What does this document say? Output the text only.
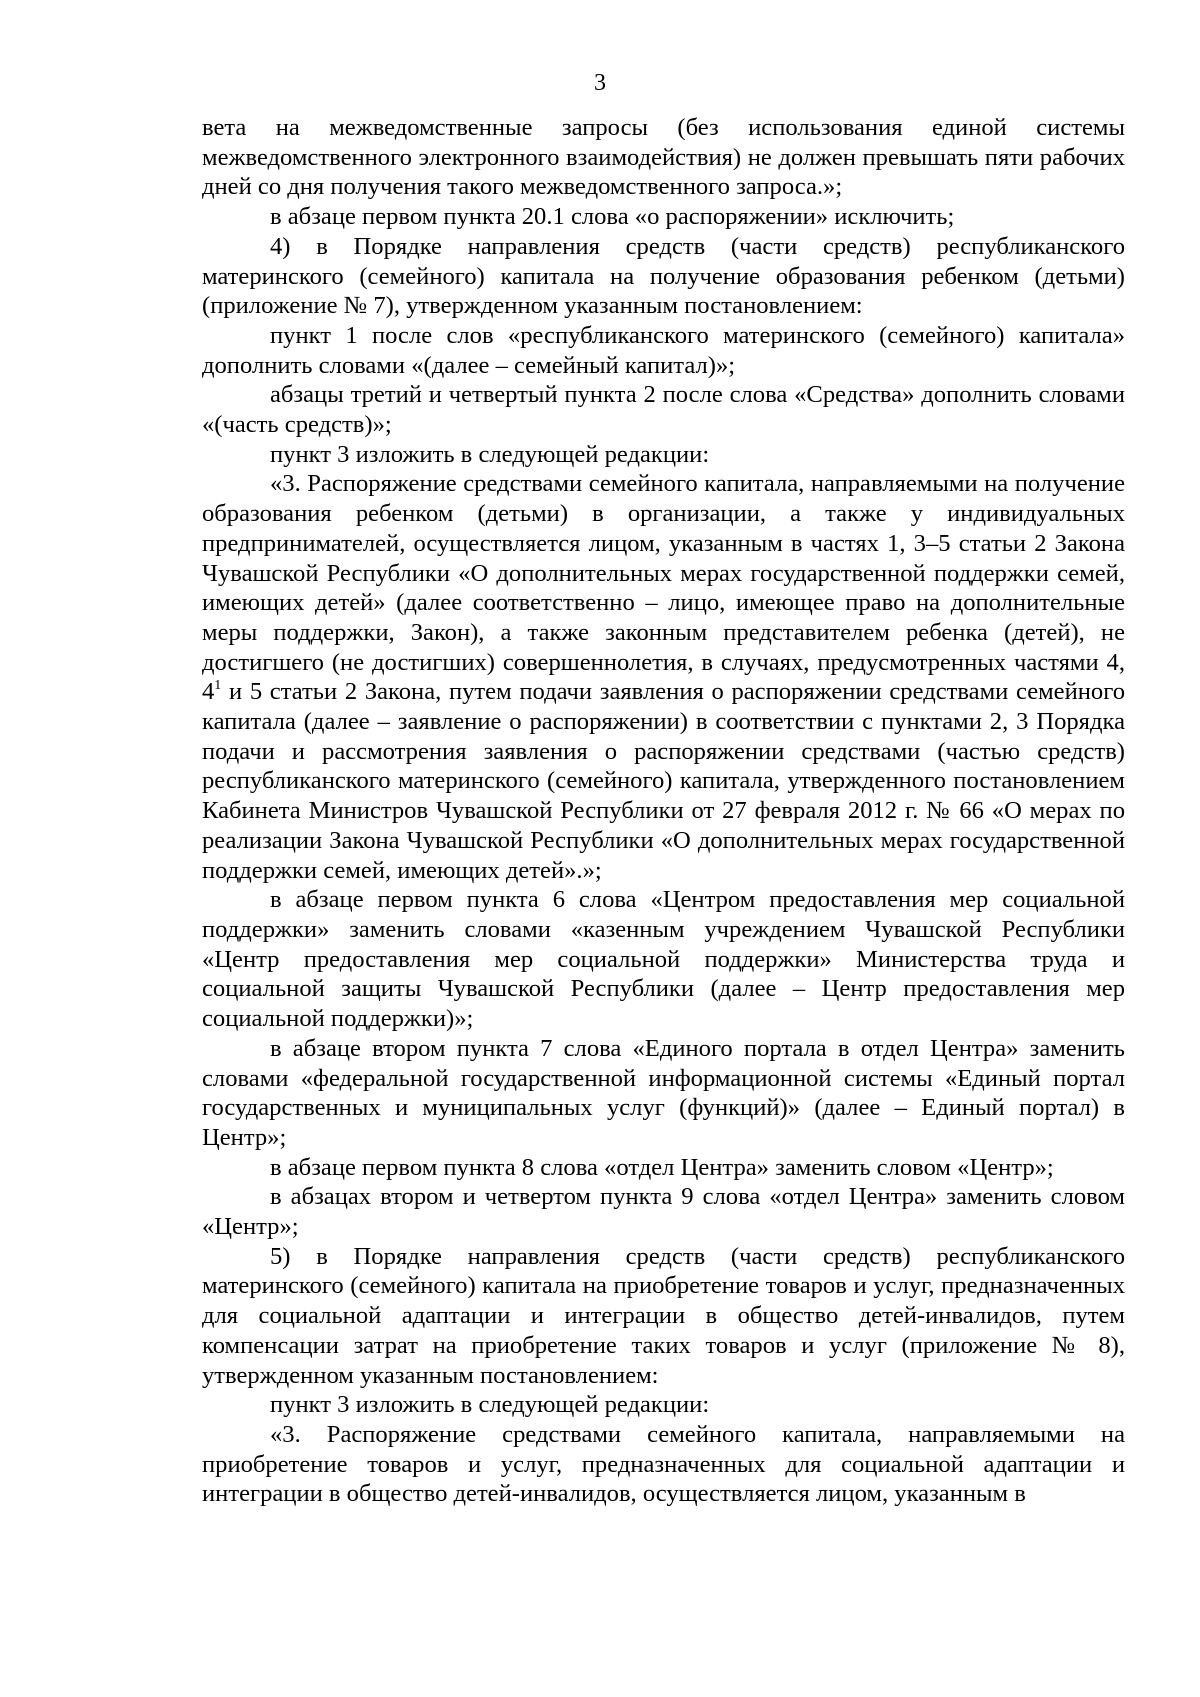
3

вета на межведомственные запросы (без использования единой системы межведомственного электронного взаимодействия) не должен превышать пяти рабочих дней со дня получения такого межведомственного запроса.»;

в абзаце первом пункта 20.1 слова «о распоряжении» исключить;

4) в Порядке направления средств (части средств) республиканского материнского (семейного) капитала на получение образования ребенком (детьми) (приложение № 7), утвержденном указанным постановлением:

пункт 1 после слов «республиканского материнского (семейного) капитала» дополнить словами «(далее – семейный капитал)»;

абзацы третий и четвертый пункта 2 после слова «Средства» дополнить словами «(часть средств)»;

пункт 3 изложить в следующей редакции:

«3. Распоряжение средствами семейного капитала, направляемыми на получение образования ребенком (детьми) в организации, а также у индивидуальных предпринимателей, осуществляется лицом, указанным в частях 1, 3–5 статьи 2 Закона Чувашской Республики «О дополнительных мерах государственной поддержки семей, имеющих детей» (далее соответственно – лицо, имеющее право на дополнительные меры поддержки, Закон), а также законным представителем ребенка (детей), не достигшего (не достигших) совершеннолетия, в случаях, предусмотренных частями 4, $4^1$ и 5 статьи 2 Закона, путем подачи заявления о распоряжении средствами семейного капитала (далее – заявление о распоряжении) в соответствии с пунктами 2, 3 Порядка подачи и рассмотрения заявления о распоряжении средствами (частью средств) республиканского материнского (семейного) капитала, утвержденного постановлением Кабинета Министров Чувашской Республики от 27 февраля 2012 г. № 66 «О мерах по реализации Закона Чувашской Республики «О дополнительных мерах государственной поддержки семей, имеющих детей».»;

в абзаце первом пункта 6 слова «Центром предоставления мер социальной поддержки» заменить словами «казенным учреждением Чувашской Республики «Центр предоставления мер социальной поддержки» Министерства труда и социальной защиты Чувашской Республики (далее – Центр предоставления мер социальной поддержки)»;

в абзаце втором пункта 7 слова «Единого портала в отдел Центра» заменить словами «федеральной государственной информационной системы «Единый портал государственных и муниципальных услуг (функций)» (далее – Единый портал) в Центр»;

в абзаце первом пункта 8 слова «отдел Центра» заменить словом «Центр»;

в абзацах втором и четвертом пункта 9 слова «отдел Центра» заменить словом «Центр»;

5) в Порядке направления средств (части средств) республиканского материнского (семейного) капитала на приобретение товаров и услуг, предназначенных для социальной адаптации и интеграции в общество детей-инвалидов, путем компенсации затрат на приобретение таких товаров и услуг (приложение № 8), утвержденном указанным постановлением:

пункт 3 изложить в следующей редакции:

«3. Распоряжение средствами семейного капитала, направляемыми на приобретение товаров и услуг, предназначенных для социальной адаптации и интеграции в общество детей-инвалидов, осуществляется лицом, указанным в
